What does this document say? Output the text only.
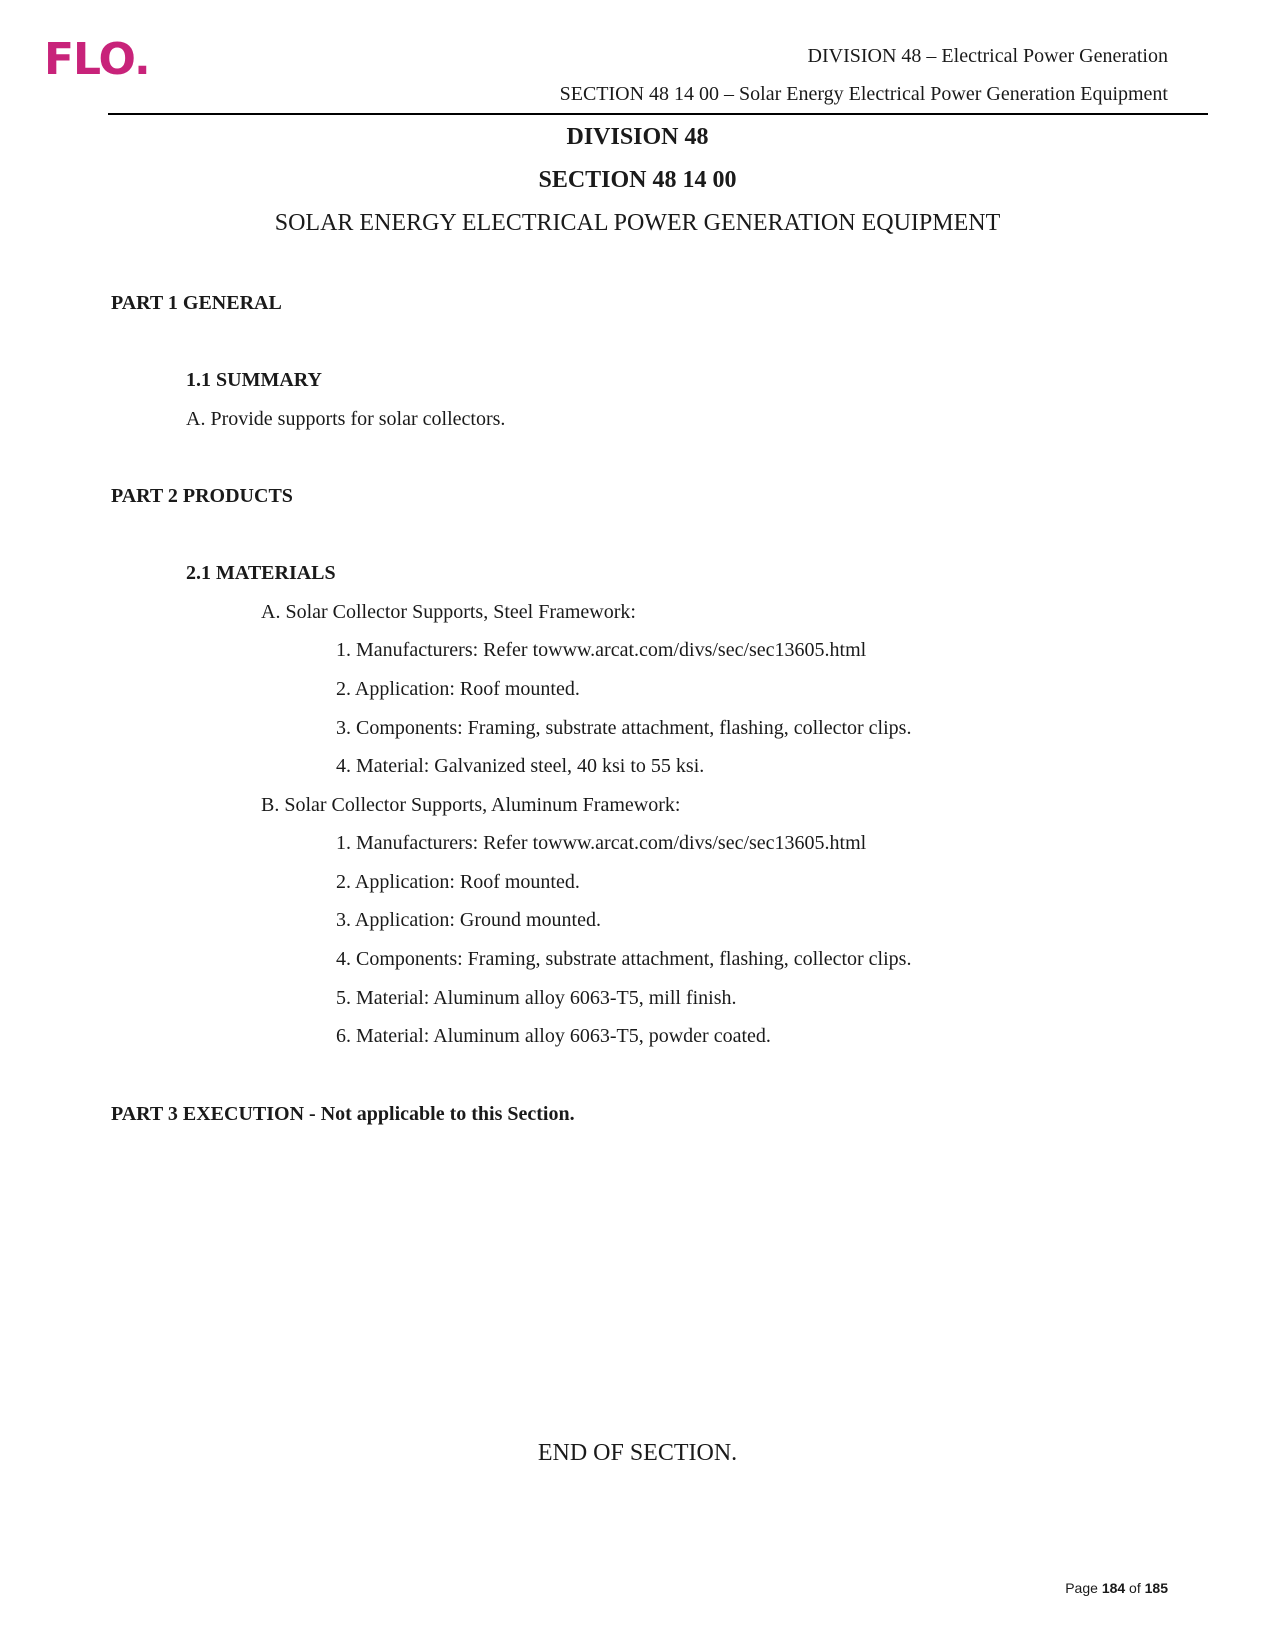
FLO.	DIVISION 48 – Electrical Power Generation
SECTION 48 14 00 – Solar Energy Electrical Power Generation Equipment
DIVISION 48
SECTION 48 14 00
SOLAR ENERGY ELECTRICAL POWER GENERATION EQUIPMENT
PART 1 GENERAL
1.1 SUMMARY
A. Provide supports for solar collectors.
PART 2 PRODUCTS
2.1 MATERIALS
A. Solar Collector Supports, Steel Framework:
1. Manufacturers: Refer towww.arcat.com/divs/sec/sec13605.html
2. Application: Roof mounted.
3. Components: Framing, substrate attachment, flashing, collector clips.
4. Material: Galvanized steel, 40 ksi to 55 ksi.
B. Solar Collector Supports, Aluminum Framework:
1. Manufacturers: Refer towww.arcat.com/divs/sec/sec13605.html
2. Application: Roof mounted.
3. Application: Ground mounted.
4. Components: Framing, substrate attachment, flashing, collector clips.
5. Material: Aluminum alloy 6063-T5, mill finish.
6. Material: Aluminum alloy 6063-T5, powder coated.
PART 3 EXECUTION - Not applicable to this Section.
END OF SECTION.
Page 184 of 185
